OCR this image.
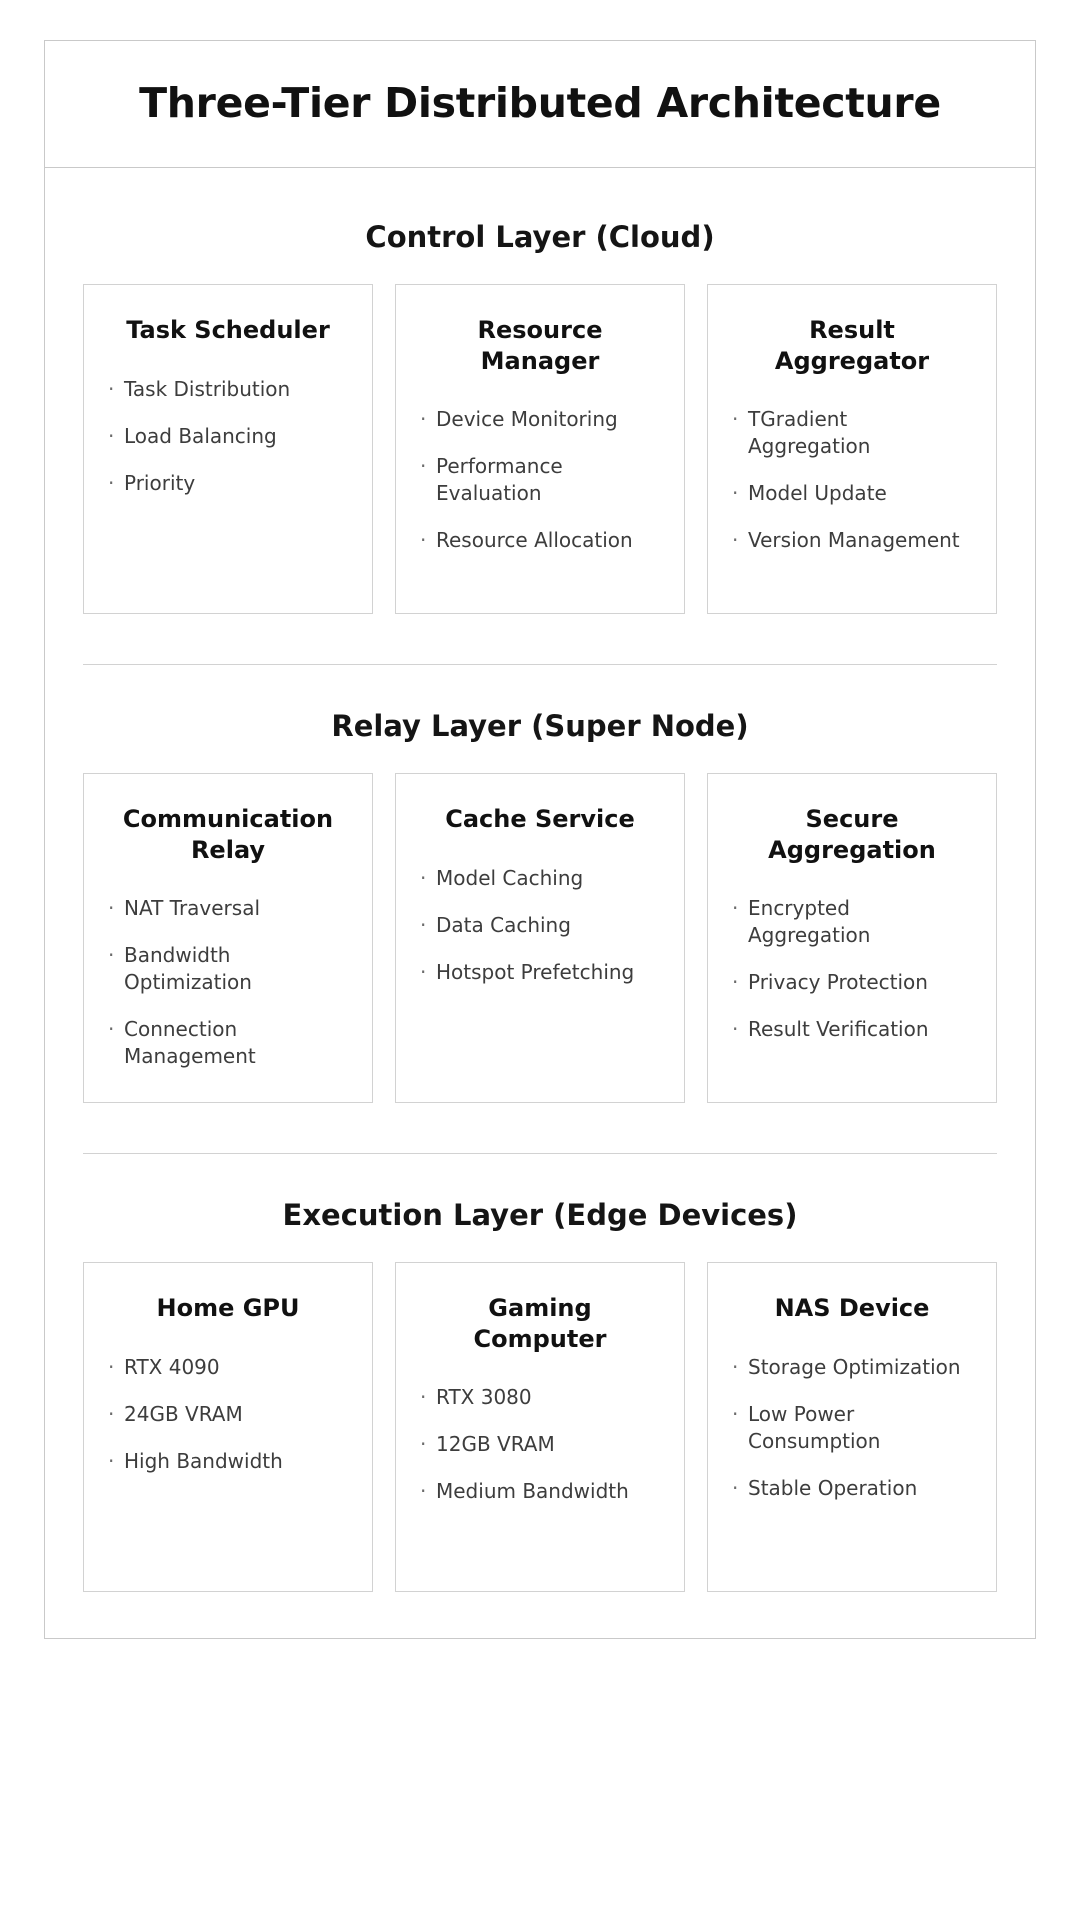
Three-Tier Distributed Architecture
Control Layer (Cloud)
Task Scheduler
· Task Distribution
· Load Balancing
· Priority
Resource Manager
· Device Monitoring
· Performance Evaluation
· Resource Allocation
Result Aggregator
· TGradient Aggregation
· Model Update
· Version Management
Relay Layer (Super Node)
Communication Relay
· NAT Traversal
· Bandwidth Optimization
· Connection Management
Cache Service
· Model Caching
· Data Caching
· Hotspot Prefetching
Secure Aggregation
· Encrypted Aggregation
· Privacy Protection
· Result Verification
Execution Layer (Edge Devices)
Home GPU
· RTX 4090
· 24GB VRAM
· High Bandwidth
Gaming Computer
· RTX 3080
· 12GB VRAM
· Medium Bandwidth
NAS Device
· Storage Optimization
· Low Power Consumption
· Stable Operation
